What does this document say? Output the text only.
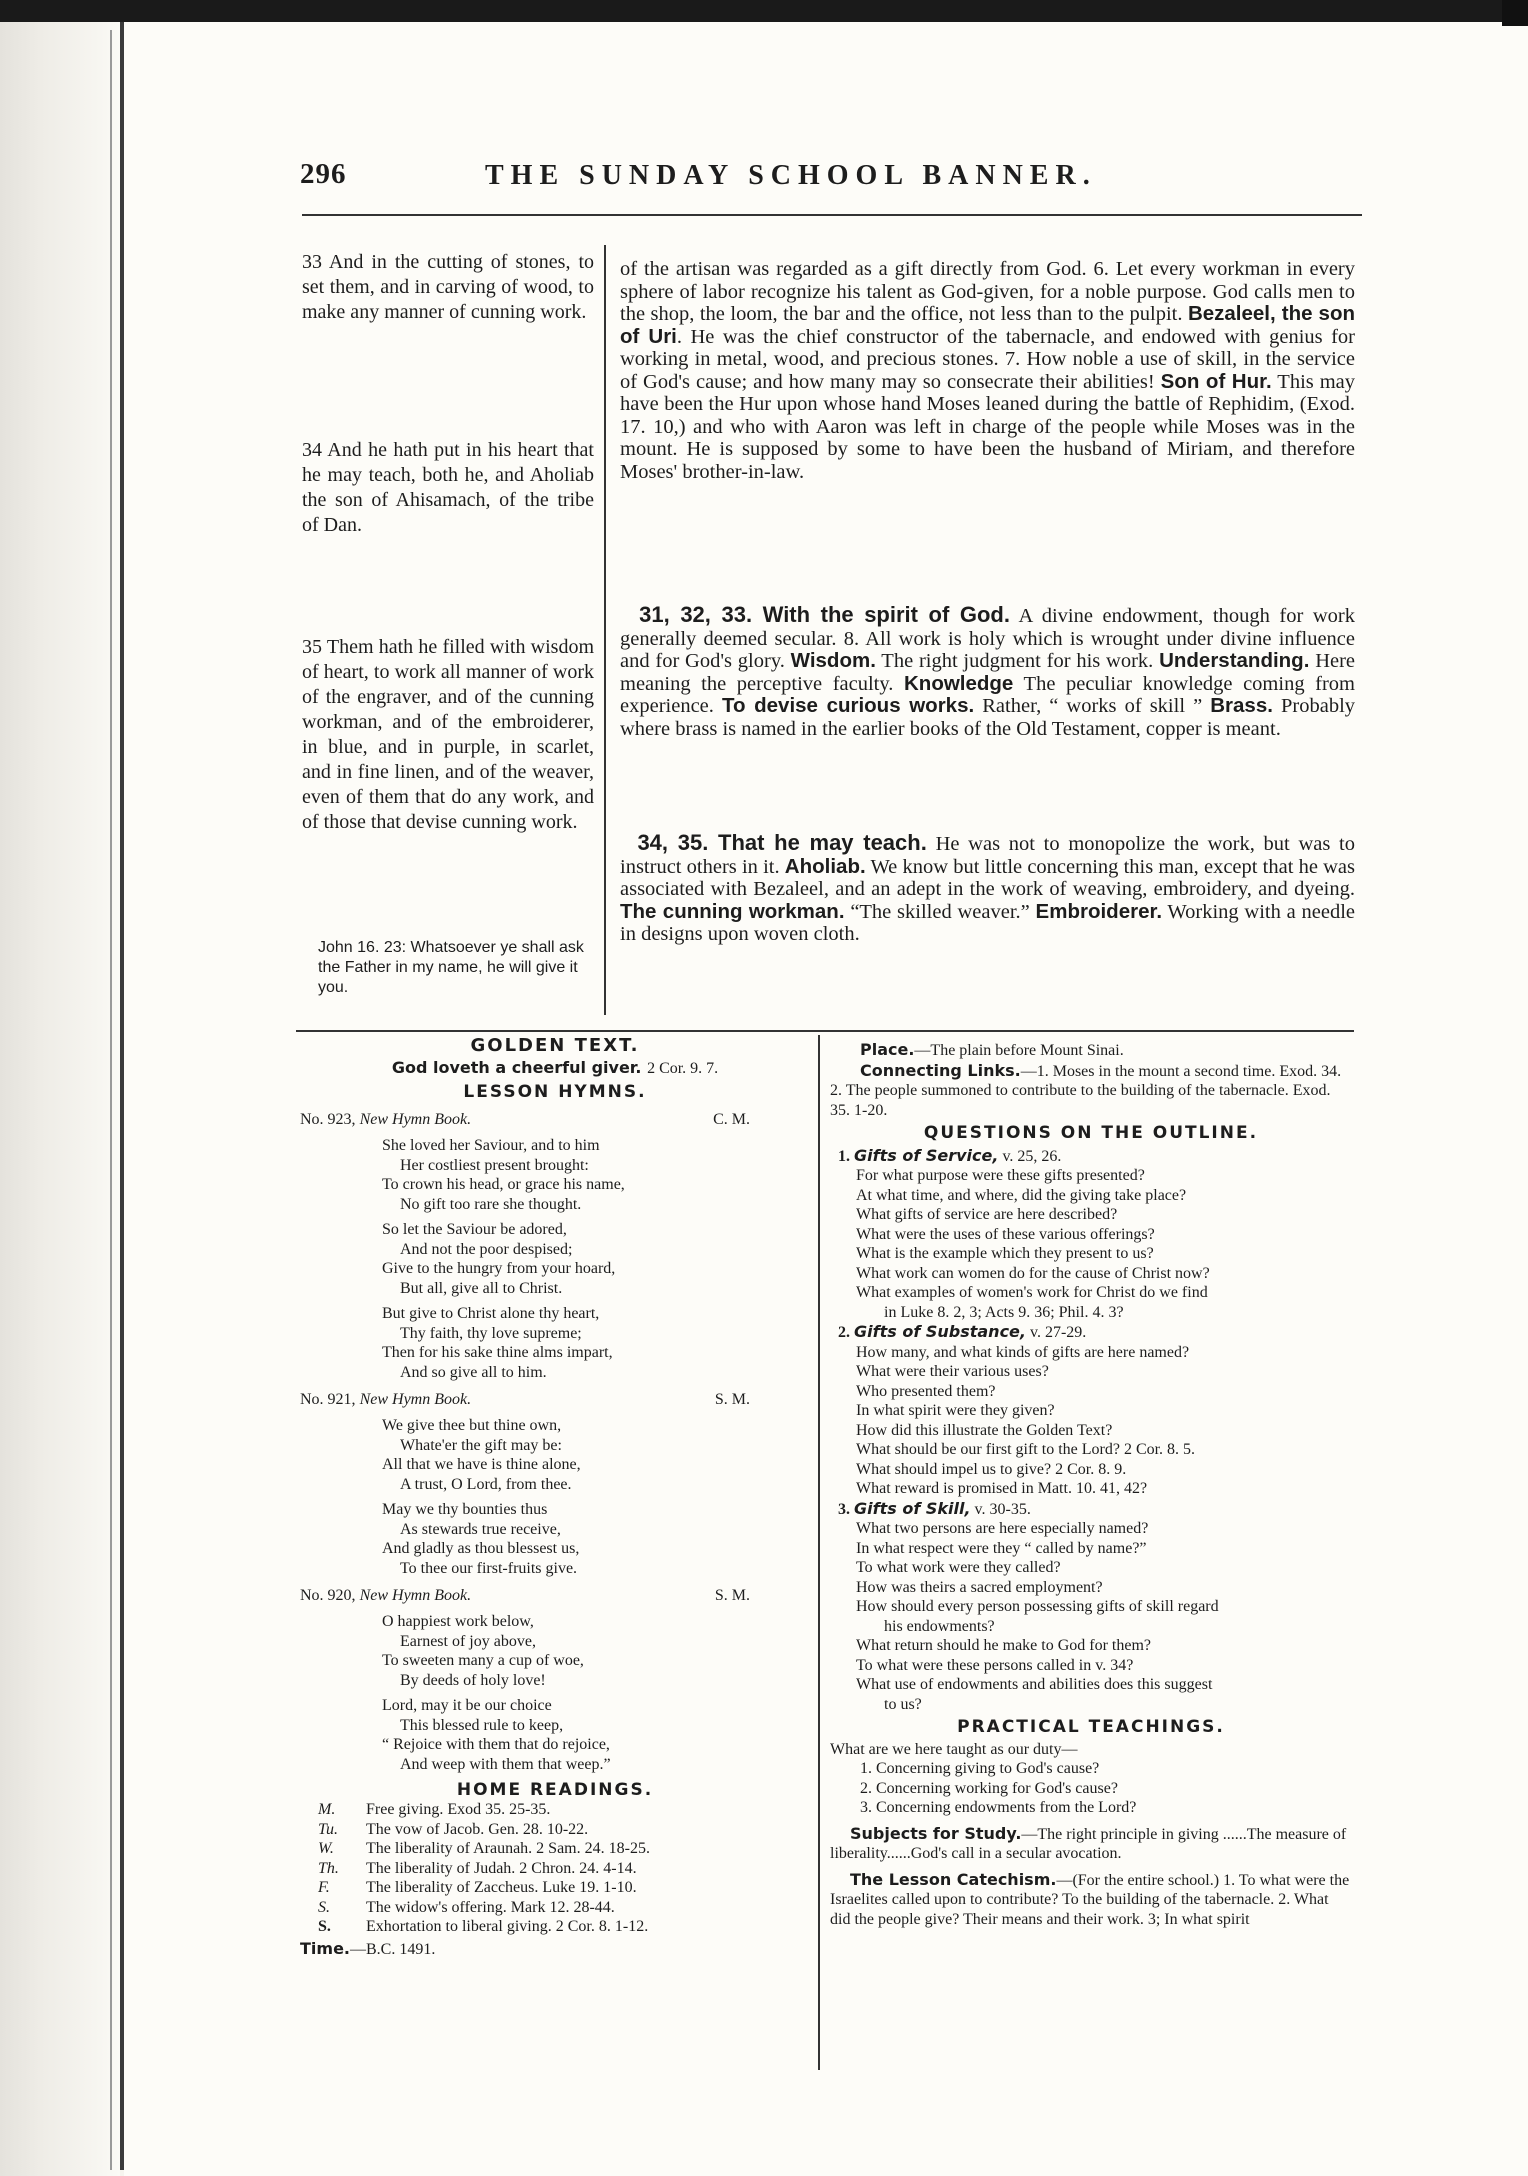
296	THE SUNDAY SCHOOL BANNER.
33 And in the cutting of stones, to set them, and in carving of wood, to make any manner of cunning work.
34 And he hath put in his heart that he may teach, both he, and Aholiab the son of Ahisamach, of the tribe of Dan.
35 Them hath he filled with wisdom of heart, to work all manner of work of the engraver, and of the cunning workman, and of the embroiderer, in blue, and in purple, in scarlet, and in fine linen, and of the weaver, even of them that do any work, and of those that devise cunning work.
John 16. 23: Whatsoever ye shall ask the Father in my name, he will give it you.
of the artisan was regarded as a gift directly from God. 6. Let every workman in every sphere of labor recognize his talent as God-given, for a noble purpose. God calls men to the shop, the loom, the bar and the office, not less than to the pulpit. Bezaleel, the son of Uri. He was the chief constructor of the tabernacle, and endowed with genius for working in metal, wood, and precious stones. 7. How noble a use of skill, in the service of God's cause; and how many may so consecrate their abilities! Son of Hur. This may have been the Hur upon whose hand Moses leaned during the battle of Rephidim, (Exod. 17. 10,) and who with Aaron was left in charge of the people while Moses was in the mount. He is supposed by some to have been the husband of Miriam, and therefore Moses' brother-in-law.
31, 32, 33. With the spirit of God. A divine endowment, though for work generally deemed secular. 8. All work is holy which is wrought under divine influence and for God's glory. Wisdom. The right judgment for his work. Understanding. Here meaning the perceptive faculty. Knowledge The peculiar knowledge coming from experience. To devise curious works. Rather, “ works of skill ” Brass. Probably where brass is named in the earlier books of the Old Testament, copper is meant.
34, 35. That he may teach. He was not to monopolize the work, but was to instruct others in it. Aholiab. We know but little concerning this man, except that he was associated with Bezaleel, and an adept in the work of weaving, embroidery, and dyeing. The cunning workman. “The skilled weaver.” Embroiderer. Working with a needle in designs upon woven cloth.
GOLDEN TEXT.
God loveth a cheerful giver. 2 Cor. 9. 7.
LESSON HYMNS.
No. 923, New Hymn Book.	C. M.
She loved her Saviour, and to him
Her costliest present brought:
To crown his head, or grace his name,
No gift too rare she thought.
So let the Saviour be adored,
And not the poor despised;
Give to the hungry from your hoard,
But all, give all to Christ.
But give to Christ alone thy heart,
Thy faith, thy love supreme;
Then for his sake thine alms impart,
And so give all to him.
No. 921, New Hymn Book.	S. M.
We give thee but thine own,
Whate'er the gift may be:
All that we have is thine alone,
A trust, O Lord, from thee.
May we thy bounties thus
As stewards true receive,
And gladly as thou blessest us,
To thee our first-fruits give.
No. 920, New Hymn Book.	S. M.
O happiest work below,
Earnest of joy above,
To sweeten many a cup of woe,
By deeds of holy love!
Lord, may it be our choice
This blessed rule to keep,
“ Rejoice with them that do rejoice,
And weep with them that weep.”
HOME READINGS.
M.	Free giving. Exod 35. 25-35.
Tu.	The vow of Jacob. Gen. 28. 10-22.
W.	The liberality of Araunah. 2 Sam. 24. 18-25.
Th.	The liberality of Judah. 2 Chron. 24. 4-14.
F.	The liberality of Zaccheus. Luke 19. 1-10.
S.	The widow's offering. Mark 12. 28-44.
S.	Exhortation to liberal giving. 2 Cor. 8. 1-12.
Time.—B.C. 1491.
Place.—The plain before Mount Sinai.
Connecting Links.—1. Moses in the mount a second time. Exod. 34. 2. The people summoned to contribute to the building of the tabernacle. Exod. 35. 1-20.
QUESTIONS ON THE OUTLINE.
1. Gifts of Service, v. 25, 26.
For what purpose were these gifts presented?
At what time, and where, did the giving take place?
What gifts of service are here described?
What were the uses of these various offerings?
What is the example which they present to us?
What work can women do for the cause of Christ now?
What examples of women's work for Christ do we find
in Luke 8. 2, 3; Acts 9. 36; Phil. 4. 3?
2. Gifts of Substance, v. 27-29.
How many, and what kinds of gifts are here named?
What were their various uses?
Who presented them?
In what spirit were they given?
How did this illustrate the Golden Text?
What should be our first gift to the Lord? 2 Cor. 8. 5.
What should impel us to give? 2 Cor. 8. 9.
What reward is promised in Matt. 10. 41, 42?
3. Gifts of Skill, v. 30-35.
What two persons are here especially named?
In what respect were they “ called by name?”
To what work were they called?
How was theirs a sacred employment?
How should every person possessing gifts of skill regard
his endowments?
What return should he make to God for them?
To what were these persons called in v. 34?
What use of endowments and abilities does this suggest
to us?
PRACTICAL TEACHINGS.
What are we here taught as our duty—
1. Concerning giving to God's cause?
2. Concerning working for God's cause?
3. Concerning endowments from the Lord?
Subjects for Study.—The right principle in giving ......The measure of liberality......God's call in a secular avocation.
The Lesson Catechism.—(For the entire school.) 1. To what were the Israelites called upon to contribute? To the building of the tabernacle. 2. What did the people give? Their means and their work. 3; In what spirit
